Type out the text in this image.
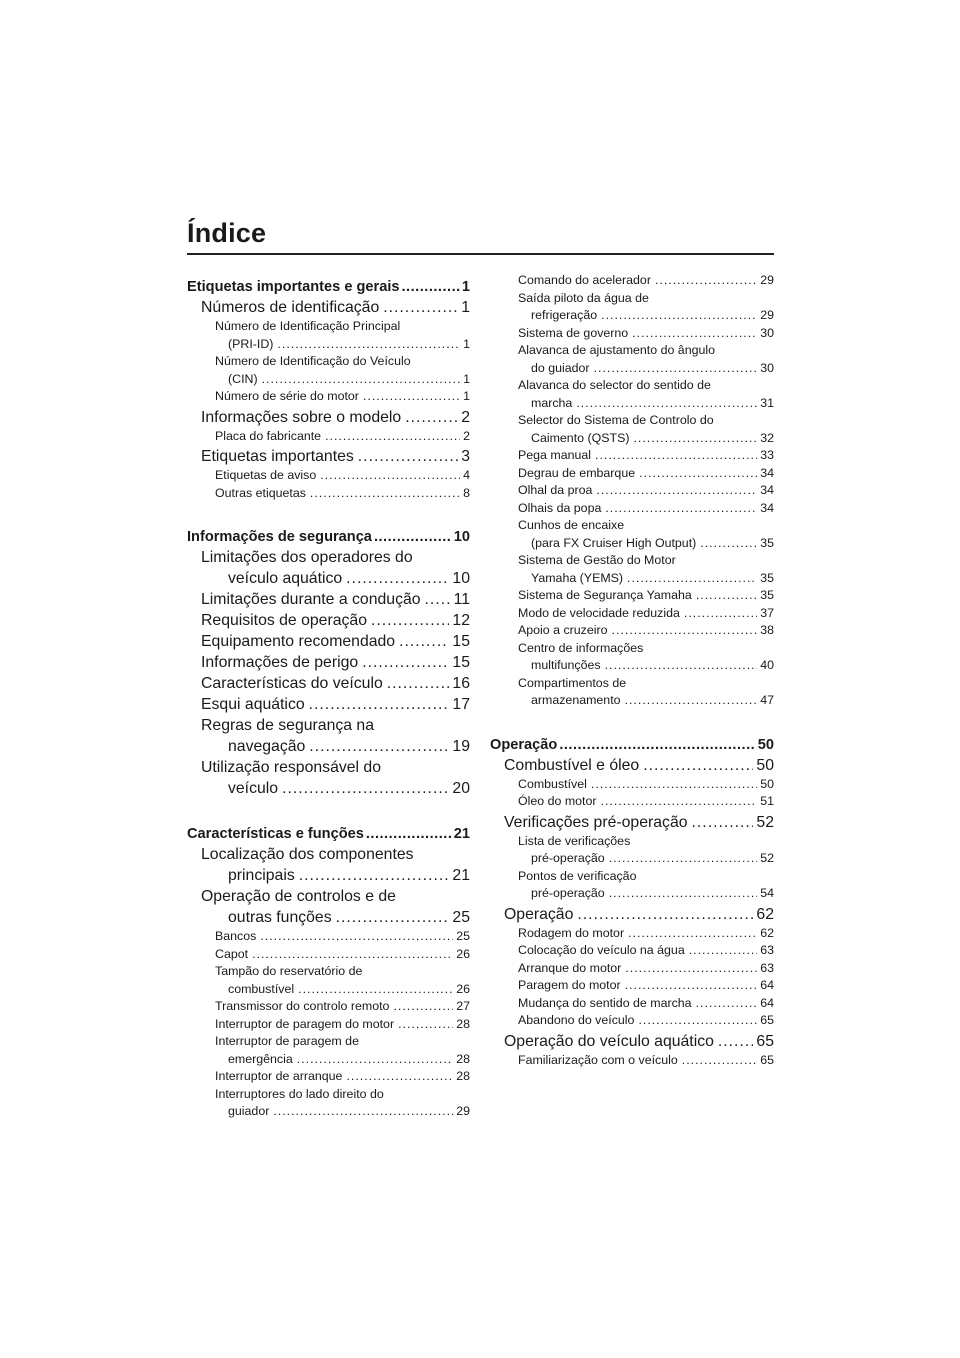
Índice
Etiquetas importantes e gerais .....	1
Números de identificação .....	1
Número de Identificação Principal
(PRI-ID) .....	1
Número de Identificação do Veículo
(CIN) .....	1
Número de série do motor .....	1
Informações sobre o modelo .....	2
Placa do fabricante .....	2
Etiquetas importantes .....	3
Etiquetas de aviso .....	4
Outras etiquetas .....	8
Informações de segurança .....	10
Limitações dos operadores do
veículo aquático .....	10
Limitações durante a condução ..... 11
Requisitos de operação .....	12
Equipamento recomendado .....	15
Informações de perigo .....	15
Características do veículo .....	16
Esqui aquático .....	17
Regras de segurança na
navegação .....	19
Utilização responsável do
veículo .....	20
Características e funções .....	21
Localização dos componentes
principais .....	21
Operação de controlos e de
outras funções .....	25
Bancos .....	25
Capot .....	26
Tampão do reservatório de
combustível .....	26
Transmissor do controlo remoto .....	27
Interruptor de paragem do motor .....	28
Interruptor de paragem de
emergência .....	28
Interruptor de arranque .....	28
Interruptores do lado direito do
guiador .....	29
Comando do acelerador .....	29
Saída piloto da água de
refrigeração .....	29
Sistema de governo .....	30
Alavanca de ajustamento do ângulo
do guiador .....	30
Alavanca do selector do sentido de
marcha .....	31
Selector do Sistema de Controlo do
Caimento (QSTS) .....	32
Pega manual .....	33
Degrau de embarque .....	34
Olhal da proa .....	34
Olhais da popa .....	34
Cunhos de encaixe
(para FX Cruiser High Output) .....	35
Sistema de Gestão do Motor
Yamaha (YEMS) .....	35
Sistema de Segurança Yamaha .....	35
Modo de velocidade reduzida .....	37
Apoio a cruzeiro .....	38
Centro de informações
multifunções .....	40
Compartimentos de
armazenamento .....	47
Operação .....	50
Combustível e óleo .....	50
Combustível .....	50
Óleo do motor .....	51
Verificações pré-operação .....	52
Lista de verificações
pré-operação .....	52
Pontos de verificação
pré-operação .....	54
Operação .....	62
Rodagem do motor .....	62
Colocação do veículo na água .....	63
Arranque do motor .....	63
Paragem do motor .....	64
Mudança do sentido de marcha .....	64
Abandono do veículo .....	65
Operação do veículo aquático .....	65
Familiarização com o veículo .....	65
